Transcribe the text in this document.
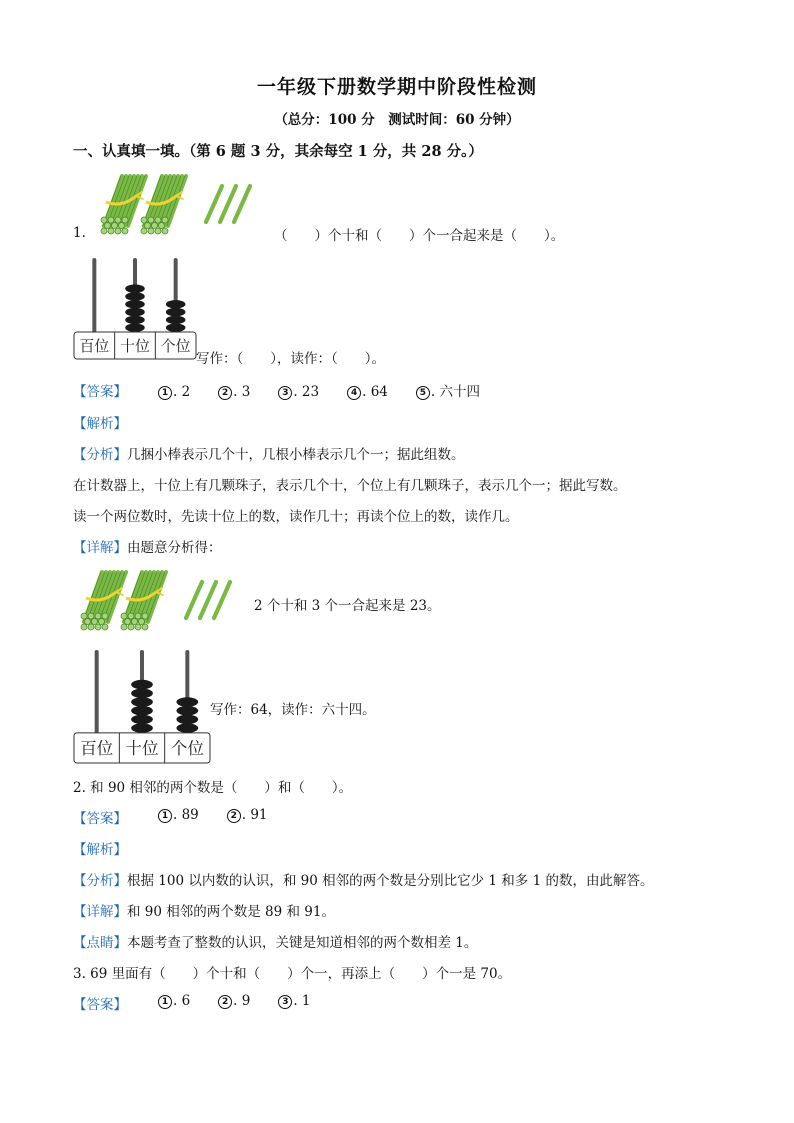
一年级下册数学期中阶段性检测
（总分：100 分　测试时间：60 分钟）
一、认真填一填。（第 6 题 3 分，其余每空 1 分，共 28 分。）
1.	（　　）个十和（　　）个一合起来是（　　）。
百位 十位 个位
写作：（　　），读作：（　　）。
【答案】	1 . 2	2 . 3	3 . 23	4 . 64	5 . 六十四
【解析】
【分析】几捆小棒表示几个十，几根小棒表示几个一；据此组数。
在计数器上，十位上有几颗珠子，表示几个十，个位上有几颗珠子，表示几个一；据此写数。
读一个两位数时，先读十位上的数，读作几十；再读个位上的数，读作几。
【详解】由题意分析得：
2 个十和 3 个一合起来是 23。
百位 十位 个位
写作：64，读作：六十四。
2. 和 90 相邻的两个数是（　　）和（　　）。
【答案】	1 . 89	2 . 91
【解析】
【分析】根据 100 以内数的认识，和 90 相邻的两个数是分别比它少 1 和多 1 的数，由此解答。
【详解】和 90 相邻的两个数是 89 和 91。
【点睛】本题考查了整数的认识，关键是知道相邻的两个数相差 1。
3. 69 里面有（　　）个十和（　　）个一，再添上（　　）个一是 70。
【答案】	1 . 6	2 . 9	3 . 1
